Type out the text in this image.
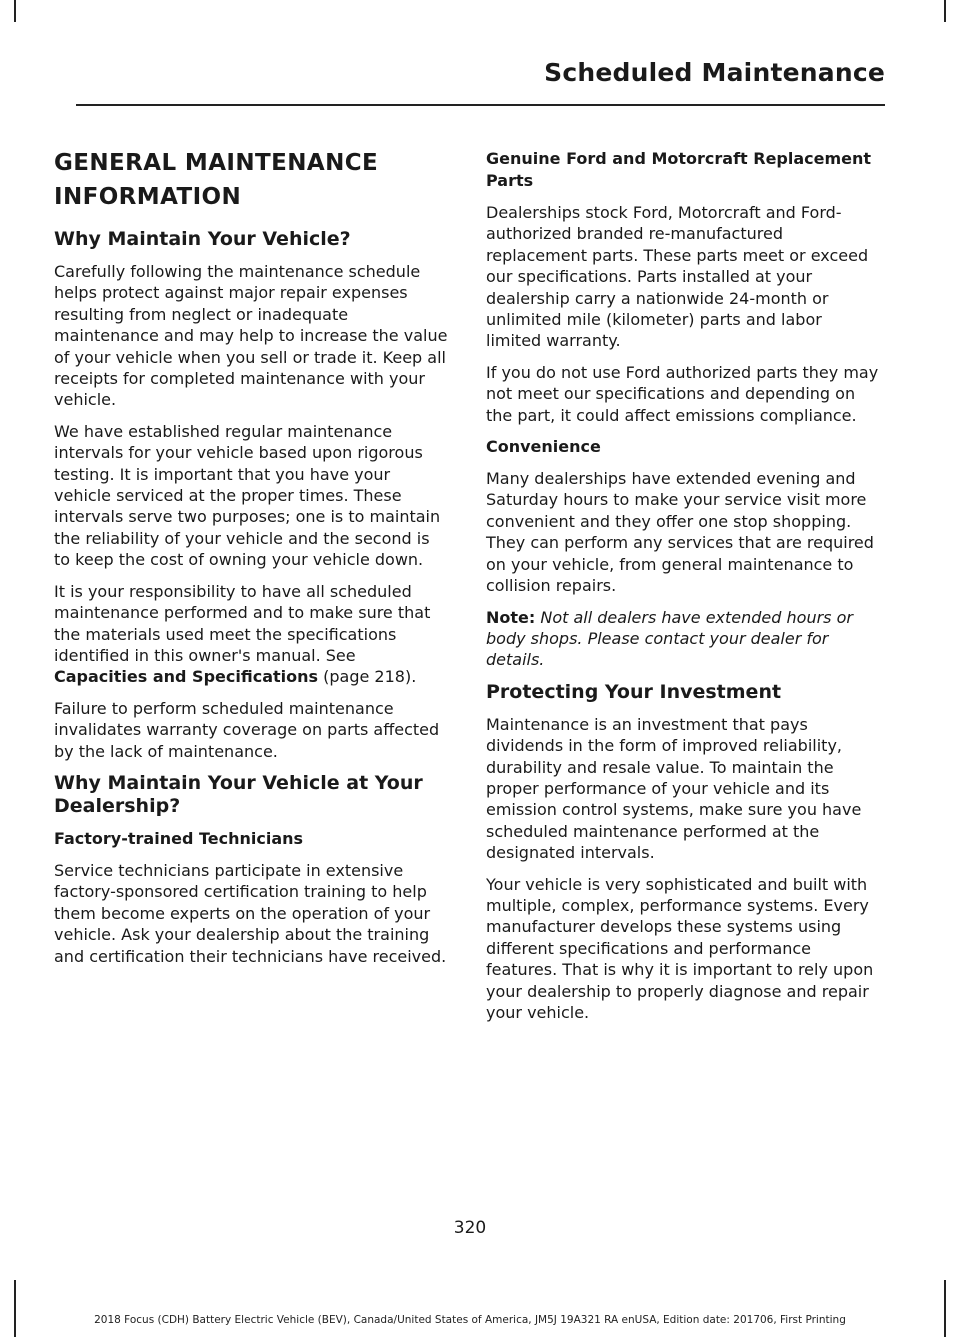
Scheduled Maintenance
GENERAL MAINTENANCE INFORMATION
Why Maintain Your Vehicle?

Carefully following the maintenance schedule helps protect against major repair expenses resulting from neglect or inadequate maintenance and may help to increase the value of your vehicle when you sell or trade it. Keep all receipts for completed maintenance with your vehicle.

We have established regular maintenance intervals for your vehicle based upon rigorous testing. It is important that you have your vehicle serviced at the proper times. These intervals serve two purposes; one is to maintain the reliability of your vehicle and the second is to keep the cost of owning your vehicle down.

It is your responsibility to have all scheduled maintenance performed and to make sure that the materials used meet the specifications identified in this owner's manual. See Capacities and Specifications (page 218).

Failure to perform scheduled maintenance invalidates warranty coverage on parts affected by the lack of maintenance.

Why Maintain Your Vehicle at Your Dealership?
Factory-trained Technicians

Service technicians participate in extensive factory-sponsored certification training to help them become experts on the operation of your vehicle. Ask your dealership about the training and certification their technicians have received.

Genuine Ford and Motorcraft Replacement Parts

Dealerships stock Ford, Motorcraft and Ford-authorized branded re-manufactured replacement parts. These parts meet or exceed our specifications. Parts installed at your dealership carry a nationwide 24-month or unlimited mile (kilometer) parts and labor limited warranty.

If you do not use Ford authorized parts they may not meet our specifications and depending on the part, it could affect emissions compliance.

Convenience

Many dealerships have extended evening and Saturday hours to make your service visit more convenient and they offer one stop shopping. They can perform any services that are required on your vehicle, from general maintenance to collision repairs.

Note: Not all dealers have extended hours or body shops. Please contact your dealer for details.

Protecting Your Investment

Maintenance is an investment that pays dividends in the form of improved reliability, durability and resale value. To maintain the proper performance of your vehicle and its emission control systems, make sure you have scheduled maintenance performed at the designated intervals.

Your vehicle is very sophisticated and built with multiple, complex, performance systems. Every manufacturer develops these systems using different specifications and performance features. That is why it is important to rely upon your dealership to properly diagnose and repair your vehicle.

320
2018 Focus (CDH) Battery Electric Vehicle (BEV), Canada/United States of America, JM5J 19A321 RA enUSA, Edition date: 201706, First Printing
